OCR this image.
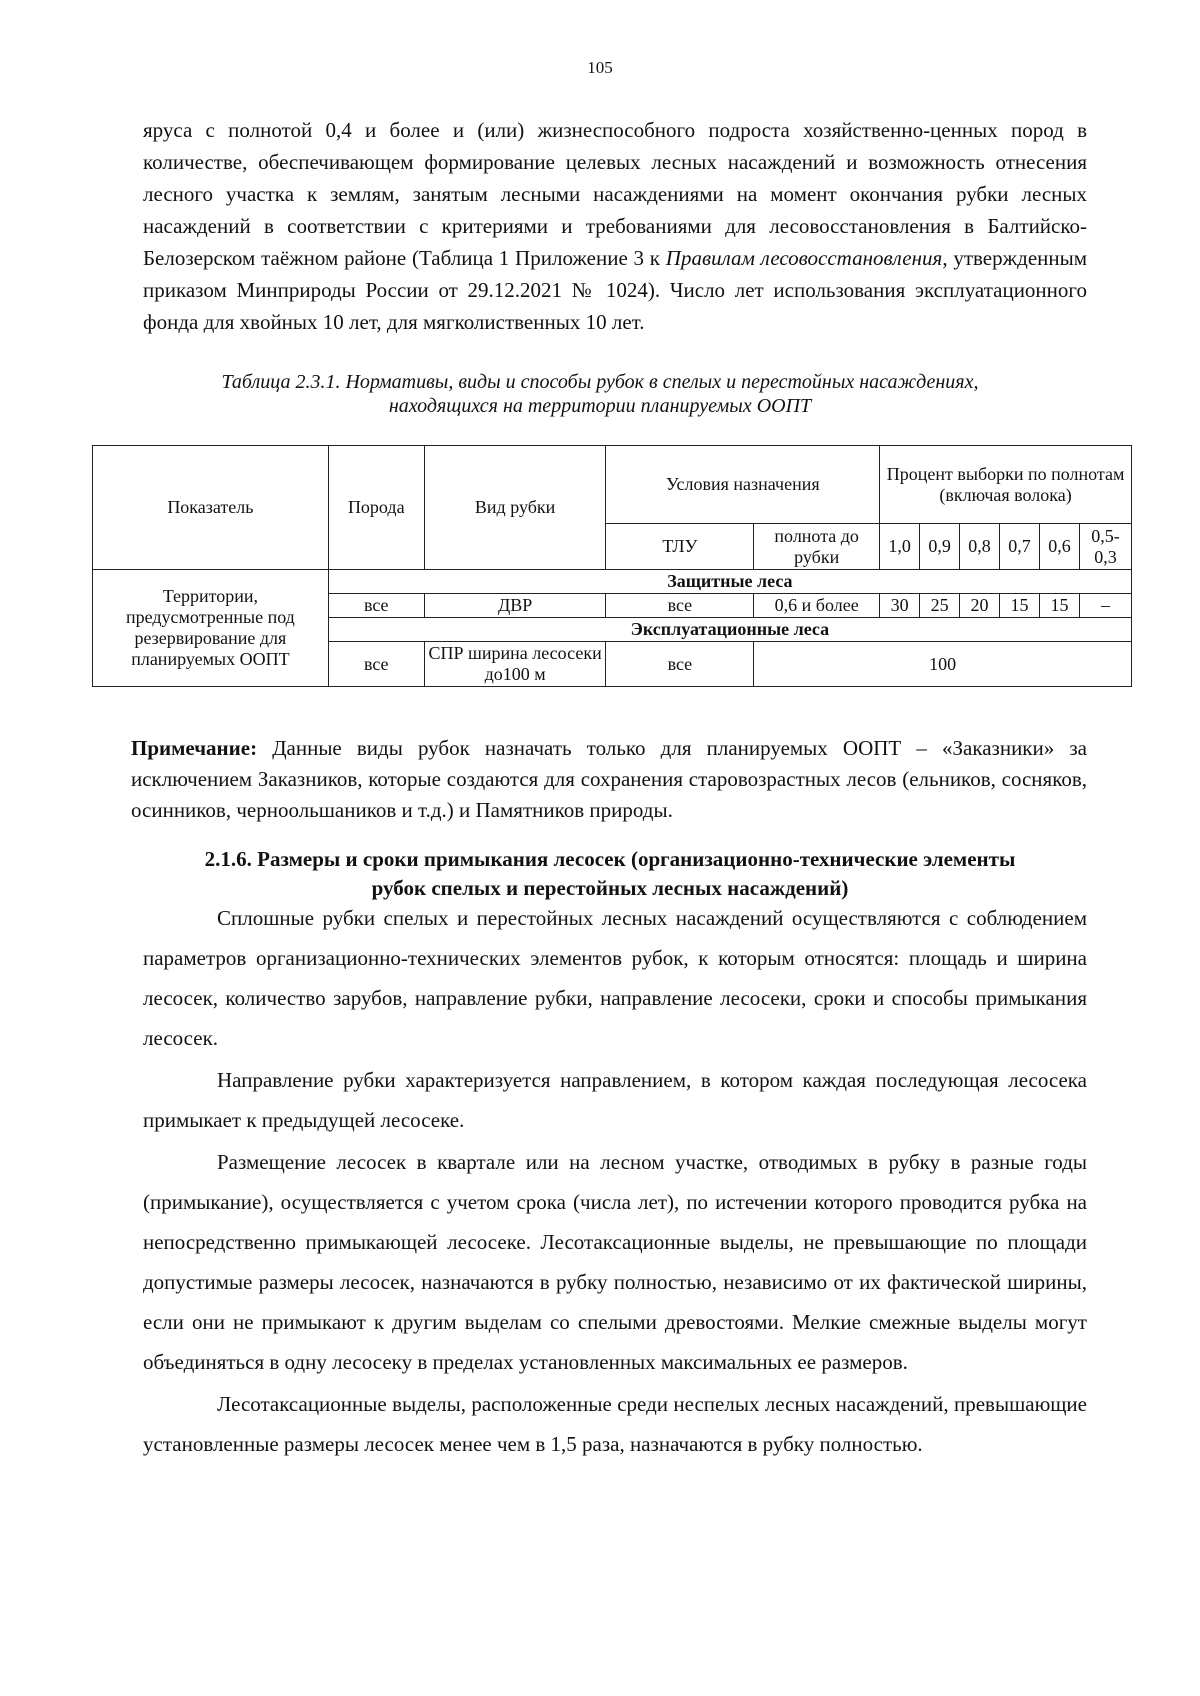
105

яруса с полнотой 0,4 и более и (или) жизнеспособного подроста хозяйственно-ценных пород в количестве, обеспечивающем формирование целевых лесных насаждений и возможность отнесения лесного участка к землям, занятым лесными насаждениями на момент окончания рубки лесных насаждений в соответствии с критериями и требованиями для лесовосстановления в Балтийско-Белозерском таёжном районе (Таблица 1 Приложение 3 к Правилам лесовосстановления, утвержденным приказом Минприроды России от 29.12.2021 № 1024). Число лет использования эксплуатационного фонда для хвойных 10 лет, для мягколиственных 10 лет.

Таблица 2.3.1. Нормативы, виды и способы рубок в спелых и перестойных насаждениях,
находящихся на территории планируемых ООПТ
Показатель	Порода	Вид рубки	Условия назначения		Процент выборки по полнотам (включая волока)					
			ТЛУ	полнота до рубки	1,0	0,9	0,8	0,7	0,6	0,5-0,3
Территории, предусмотренные под резервирование для планируемых ООПТ	Защитные леса									
	все	ДВР	все	0,6 и более	30	25	20	15	15	–
	Эксплуатационные леса									
	все	СПР ширина лесосеки до100 м	все	100						

Примечание: Данные виды рубок назначать только для планируемых ООПТ – «Заказники» за исключением Заказников, которые создаются для сохранения старовозрастных лесов (ельников, сосняков, осинников, черноольшаников и т.д.) и Памятников природы.

2.1.6. Размеры и сроки примыкания лесосек (организационно-технические элементы
рубок спелых и перестойных лесных насаждений)

Сплошные рубки спелых и перестойных лесных насаждений осуществляются с соблюдением параметров организационно-технических элементов рубок, к которым относятся: площадь и ширина лесосек, количество зарубов, направление рубки, направление лесосеки, сроки и способы примыкания лесосек.

Направление рубки характеризуется направлением, в котором каждая последующая лесосека примыкает к предыдущей лесосеке.

Размещение лесосек в квартале или на лесном участке, отводимых в рубку в разные годы (примыкание), осуществляется с учетом срока (числа лет), по истечении которого проводится рубка на непосредственно примыкающей лесосеке. Лесотаксационные выделы, не превышающие по площади допустимые размеры лесосек, назначаются в рубку полностью, независимо от их фактической ширины, если они не примыкают к другим выделам со спелыми древостоями. Мелкие смежные выделы могут объединяться в одну лесосеку в пределах установленных максимальных ее размеров.

Лесотаксационные выделы, расположенные среди неспелых лесных насаждений, превышающие установленные размеры лесосек менее чем в 1,5 раза, назначаются в рубку полностью.
